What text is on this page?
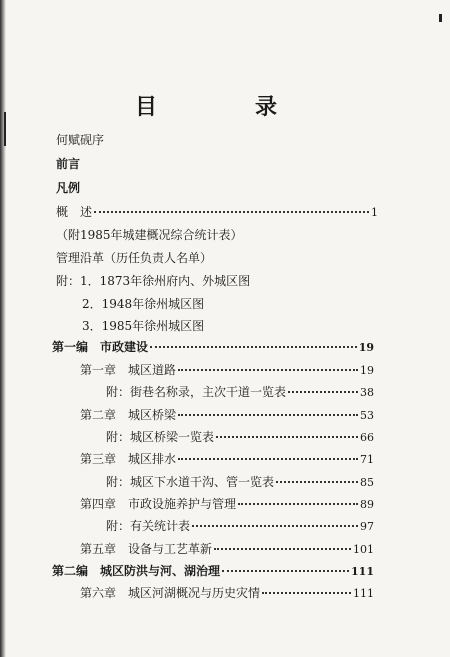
目　录
何赋砚序
前言
凡例
概　述	1
（附1985年城建概况综合统计表）
管理沿革（历任负责人名单）
附：1．1873年徐州府内、外城区图
2．1948年徐州城区图
3．1985年徐州城区图
第一编　市政建设	19
第一章　城区道路	19
附：街巷名称录，主次干道一览表	38
第二章　城区桥梁	53
附：城区桥梁一览表	66
第三章　城区排水	71
附：城区下水道干沟、管一览表	85
第四章　市政设施养护与管理	89
附：有关统计表	97
第五章　设备与工艺革新	101
第二编　城区防洪与河、湖治理	111
第六章　城区河湖概况与历史灾情	111
